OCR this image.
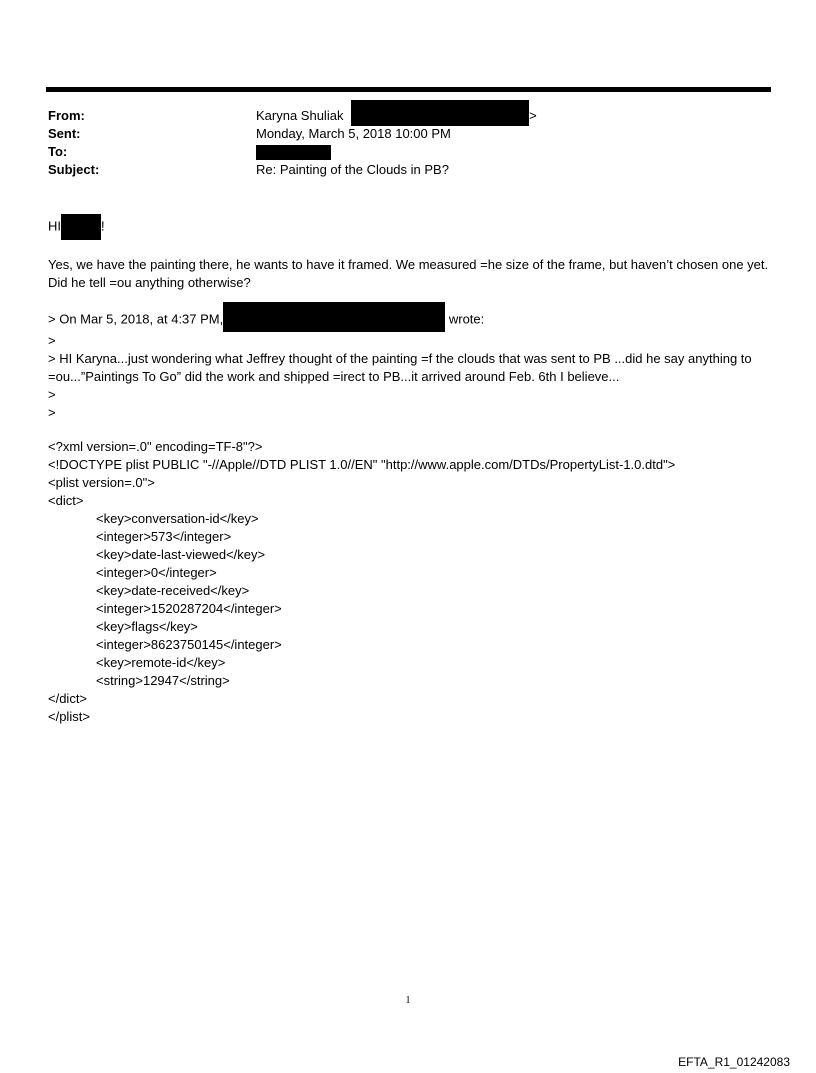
From:	Karyna Shuliak	>
Sent:	Monday, March 5, 2018 10:00 PM
To:
Subject:	Re: Painting of the Clouds in PB?

HI	!

Yes, we have the painting there, he wants to have it framed. We measured =he size of the frame, but haven’t chosen one yet. Did he tell =ou anything otherwise?

> On Mar 5, 2018, at 4:37 PM,	wrote:

>

> HI Karyna...just wondering what Jeffrey thought of the painting =f the clouds that was sent to PB ...did he say anything to =ou...”Paintings To Go” did the work and shipped =irect to PB...it arrived around Feb. 6th I believe...

>

>

<?xml version=.0" encoding=TF-8"?>

<!DOCTYPE plist PUBLIC "-//Apple//DTD PLIST 1.0//EN" "http://www.apple.com/DTDs/PropertyList-1.0.dtd">

<plist version=.0">

<dict>

<key>conversation-id</key>

<integer>573</integer>

<key>date-last-viewed</key>

<integer>0</integer>

<key>date-received</key>

<integer>1520287204</integer>

<key>flags</key>

<integer>8623750145</integer>

<key>remote-id</key>

<string>12947</string>

</dict>

</plist>

1
EFTA_R1_01242083
